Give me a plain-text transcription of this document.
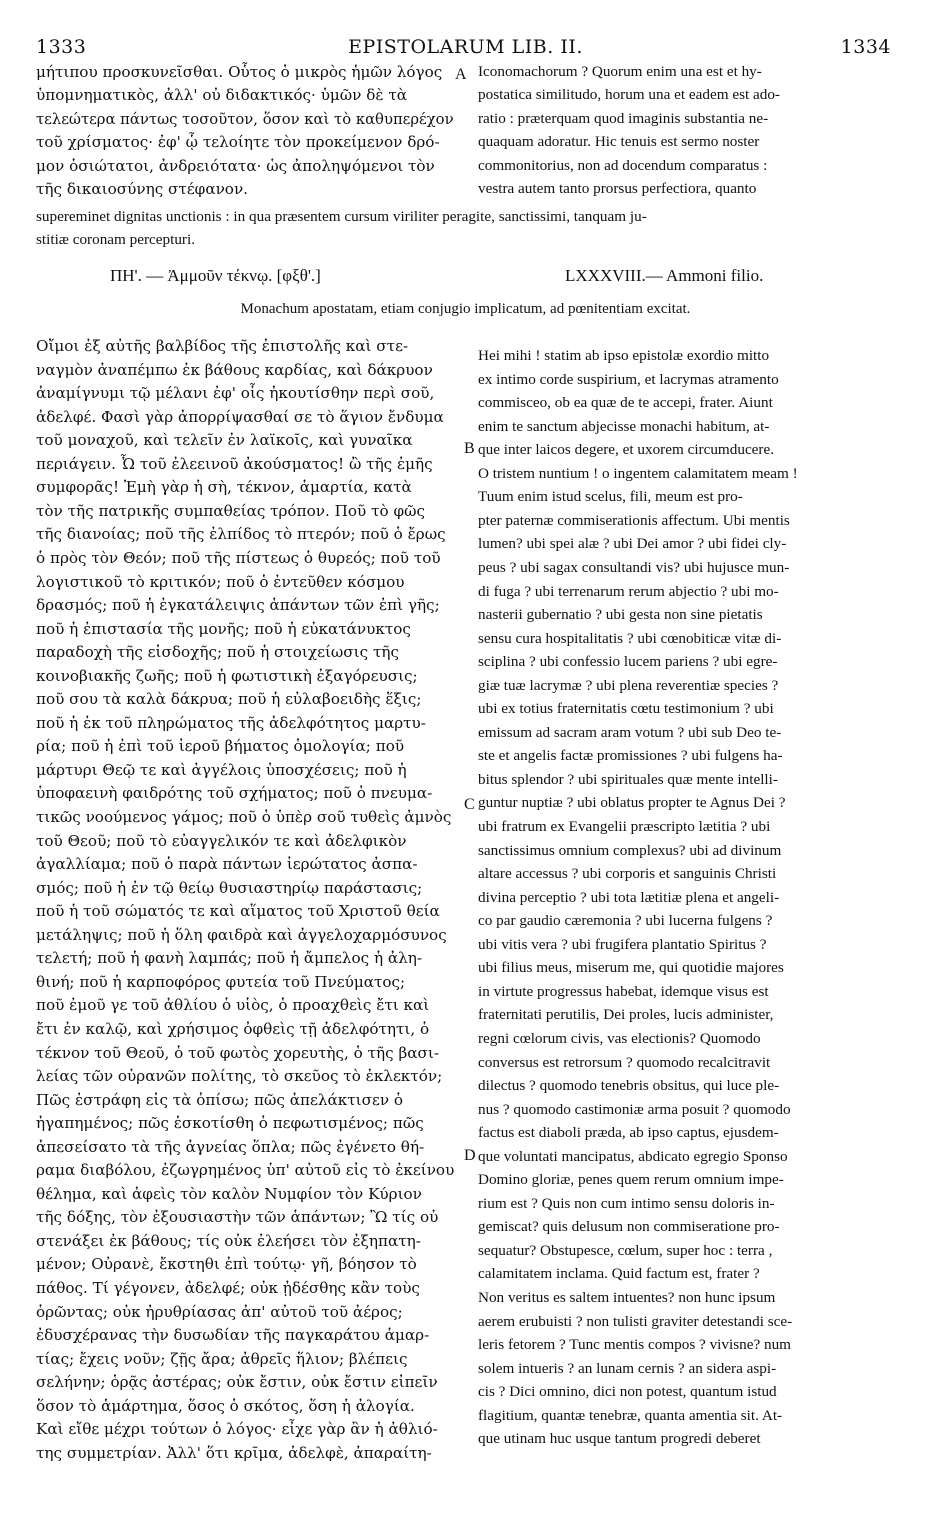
1333	EPISTOLARUM LIB. II.	1334
μήτιπου προσκυνεῖσθαι. Οὗτος ὁ μικρὸς ἡμῶν λόγος
ὑπομνηματικὸς, ἀλλ' οὐ διδακτικός· ὑμῶν δὲ τὰ
τελεώτερα πάντως τοσοῦτον, ὅσον καὶ τὸ καθυπερέχον
τοῦ χρίσματος· ἐφ' ᾧ τελοίητε τὸν προκείμενον δρό-
μον ὁσιώτατοι, ἀνδρειότατα· ὡς ἀποληψόμενοι τὸν
τῆς δικαιοσύνης στέφανον.
Iconomachorum ? Quorum enim una est et hy-
postatica similitudo, horum una et eadem est ado-
ratio : præterquam quod imaginis substantia ne-
quaquam adoratur. Hic tenuis est sermo noster
commonitorius, non ad docendum comparatus :
vestra autem tanto prorsus perfectiora, quanto
supereminet dignitas unctionis : in qua præsentem cursum viriliter peragite, sanctissimi, tanquam ju-
stitiæ coronam percepturi.
ΠΗ'. — Ἀμμοῦν τέκνῳ. [φξθ'.]	LXXXVIII.— Ammoni filio.
Monachum apostatam, etiam conjugio implicatum, ad pœnitentiam excitat.
Οἴμοι ἐξ αὐτῆς βαλβίδος τῆς ἐπιστολῆς καὶ στε-
ναγμὸν ἀναπέμπω ἐκ βάθους καρδίας, καὶ δάκρυον
ἀναμίγνυμι τῷ μέλανι ἐφ' οἷς ἠκουτίσθην περὶ σοῦ,
ἀδελφέ. Φασὶ γὰρ ἀπορρίψασθαί σε τὸ ἅγιον ἔνδυμα
τοῦ μοναχοῦ, καὶ τελεῖν ἐν λαϊκοῖς, καὶ γυναῖκα
περιάγειν. Ὦ τοῦ ἐλεεινοῦ ἀκούσματος! ὢ τῆς ἐμῆς
συμφορᾶς! Ἐμὴ γὰρ ἡ σὴ, τέκνον, ἁμαρτία, κατὰ
τὸν τῆς πατρικῆς συμπαθείας τρόπον. Ποῦ τὸ φῶς
τῆς διανοίας; ποῦ τῆς ἐλπίδος τὸ πτερόν; ποῦ ὁ ἔρως
ὁ πρὸς τὸν Θεόν; ποῦ τῆς πίστεως ὁ θυρεός; ποῦ τοῦ
λογιστικοῦ τὸ κριτικόν; ποῦ ὁ ἐντεῦθεν κόσμου
δρασμός; ποῦ ἡ ἐγκατάλειψις ἁπάντων τῶν ἐπὶ γῆς;
ποῦ ἡ ἐπιστασία τῆς μονῆς; ποῦ ἡ εὐκατάνυκτος
παραδοχὴ τῆς εἰσδοχῆς; ποῦ ἡ στοιχείωσις τῆς
κοινοβιακῆς ζωῆς; ποῦ ἡ φωτιστικὴ ἐξαγόρευσις;
ποῦ σου τὰ καλὰ δάκρυα; ποῦ ἡ εὐλαβοειδὴς ἕξις;
ποῦ ἡ ἐκ τοῦ πληρώματος τῆς ἀδελφότητος μαρτυ-
ρία; ποῦ ἡ ἐπὶ τοῦ ἱεροῦ βήματος ὁμολογία; ποῦ
μάρτυρι Θεῷ τε καὶ ἀγγέλοις ὑποσχέσεις; ποῦ ἡ
ὑποφαεινὴ φαιδρότης τοῦ σχήματος; ποῦ ὁ πνευμα-
τικῶς νοούμενος γάμος; ποῦ ὁ ὑπὲρ σοῦ τυθεὶς ἀμνὸς
τοῦ Θεοῦ; ποῦ τὸ εὐαγγελικόν τε καὶ ἀδελφικὸν
ἀγαλλίαμα; ποῦ ὁ παρὰ πάντων ἱερώτατος ἀσπα-
σμός; ποῦ ἡ ἐν τῷ θείῳ θυσιαστηρίῳ παράστασις;
ποῦ ἡ τοῦ σώματός τε καὶ αἵματος τοῦ Χριστοῦ θεία
μετάληψις; ποῦ ἡ ὅλη φαιδρὰ καὶ ἀγγελοχαρμόσυνος
τελετή; ποῦ ἡ φανὴ λαμπάς; ποῦ ἡ ἄμπελος ἡ ἀλη-
θινή; ποῦ ἡ καρποφόρος φυτεία τοῦ Πνεύματος;
ποῦ ἐμοῦ γε τοῦ ἀθλίου ὁ υἱὸς, ὁ προαχθεὶς ἔτι καὶ
ἔτι ἐν καλῷ, καὶ χρήσιμος ὀφθεὶς τῇ ἀδελφότητι, ὁ
τέκνον τοῦ Θεοῦ, ὁ τοῦ φωτὸς χορευτὴς, ὁ τῆς βασι-
λείας τῶν οὐρανῶν πολίτης, τὸ σκεῦος τὸ ἐκλεκτόν;
Πῶς ἐστράφη εἰς τὰ ὀπίσω; πῶς ἀπελάκτισεν ὁ
ἠγαπημένος; πῶς ἐσκοτίσθη ὁ πεφωτισμένος; πῶς
ἀπεσείσατο τὰ τῆς ἁγνείας ὅπλα; πῶς ἐγένετο θή-
ραμα διαβόλου, ἐζωγρημένος ὑπ' αὐτοῦ εἰς τὸ ἐκείνου
θέλημα, καὶ ἀφεὶς τὸν καλὸν Νυμφίον τὸν Κύριον
τῆς δόξης, τὸν ἐξουσιαστὴν τῶν ἁπάντων; Ὢ τίς οὐ
στενάξει ἐκ βάθους; τίς οὐκ ἐλεήσει τὸν ἐξηπατη-
μένον; Οὐρανὲ, ἔκστηθι ἐπὶ τούτῳ· γῆ, βόησον τὸ
πάθος. Τί γέγονεν, ἀδελφέ; οὐκ ᾐδέσθης κἂν τοὺς
ὁρῶντας; οὐκ ἠρυθρίασας ἀπ' αὐτοῦ τοῦ ἀέρος;
ἐδυσχέρανας τὴν δυσωδίαν τῆς παγκαράτου ἁμαρ-
τίας; ἔχεις νοῦν; ζῇς ἄρα; ἀθρεῖς ἥλιον; βλέπεις
σελήνην; ὁρᾷς ἀστέρας; οὐκ ἔστιν, οὐκ ἔστιν εἰπεῖν
ὅσον τὸ ἁμάρτημα, ὅσος ὁ σκότος, ὅση ἡ ἀλογία.
Καὶ εἴθε μέχρι τούτων ὁ λόγος· εἶχε γὰρ ἂν ἡ ἀθλιό-
της συμμετρίαν. Ἀλλ' ὅτι κρῖμα, ἀδελφὲ, ἀπαραίτη-
Hei mihi ! statim ab ipso epistolæ exordio mitto
ex intimo corde suspirium, et lacrymas atramento
commisceo, ob ea quæ de te accepi, frater. Aiunt
enim te sanctum abjecisse monachi habitum, at-
que inter laicos degere, et uxorem circumducere.
O tristem nuntium ! o ingentem calamitatem meam !
Tuum enim istud scelus, fili, meum est pro-
pter paternæ commiserationis affectum. Ubi mentis
lumen? ubi spei alæ ? ubi Dei amor ? ubi fidei cly-
peus ? ubi sagax consultandi vis? ubi hujusce mun-
di fuga ? ubi terrenarum rerum abjectio ? ubi mo-
nasterii gubernatio ? ubi gesta non sine pietatis
sensu cura hospitalitatis ? ubi cœnobiticæ vitæ di-
sciplina ? ubi confessio lucem pariens ? ubi egre-
giæ tuæ lacrymæ ? ubi plena reverentiæ species ?
ubi ex totius fraternitatis cœtu testimonium ? ubi
emissum ad sacram aram votum ? ubi sub Deo te-
ste et angelis factæ promissiones ? ubi fulgens ha-
bitus splendor ? ubi spirituales quæ mente intelli-
guntur nuptiæ ? ubi oblatus propter te Agnus Dei ?
ubi fratrum ex Evangelii præscripto lætitia ? ubi
sanctissimus omnium complexus? ubi ad divinum
altare accessus ? ubi corporis et sanguinis Christi
divina perceptio ? ubi tota lætitiæ plena et angeli-
co par gaudio cæremonia ? ubi lucerna fulgens ?
ubi vitis vera ? ubi frugifera plantatio Spiritus ?
ubi filius meus, miserum me, qui quotidie majores
in virtute progressus habebat, idemque visus est
fraternitati perutilis, Dei proles, lucis administer,
regni cœlorum civis, vas electionis? Quomodo
conversus est retrorsum ? quomodo recalcitravit
dilectus ? quomodo tenebris obsitus, qui luce ple-
nus ? quomodo castimoniæ arma posuit ? quomodo
factus est diaboli præda, ab ipso captus, ejusdem-
que voluntati mancipatus, abdicato egregio Sponso
Domino gloriæ, penes quem rerum omnium impe-
rium est ? Quis non cum intimo sensu doloris in-
gemiscat? quis delusum non commiseratione pro-
sequatur? Obstupesce, cœlum, super hoc : terra ,
calamitatem inclama. Quid factum est, frater ?
Non veritus es saltem intuentes? non hunc ipsum
aerem erubuisti ? non tulisti graviter detestandi sce-
leris fetorem ? Tunc mentis compos ? vivisne? num
solem intueris ? an lunam cernis ? an sidera aspi-
cis ? Dici omnino, dici non potest, quantum istud
flagitium, quantæ tenebræ, quanta amentia sit. At-
que utinam huc usque tantum progredi deberet
A
B
C
D
